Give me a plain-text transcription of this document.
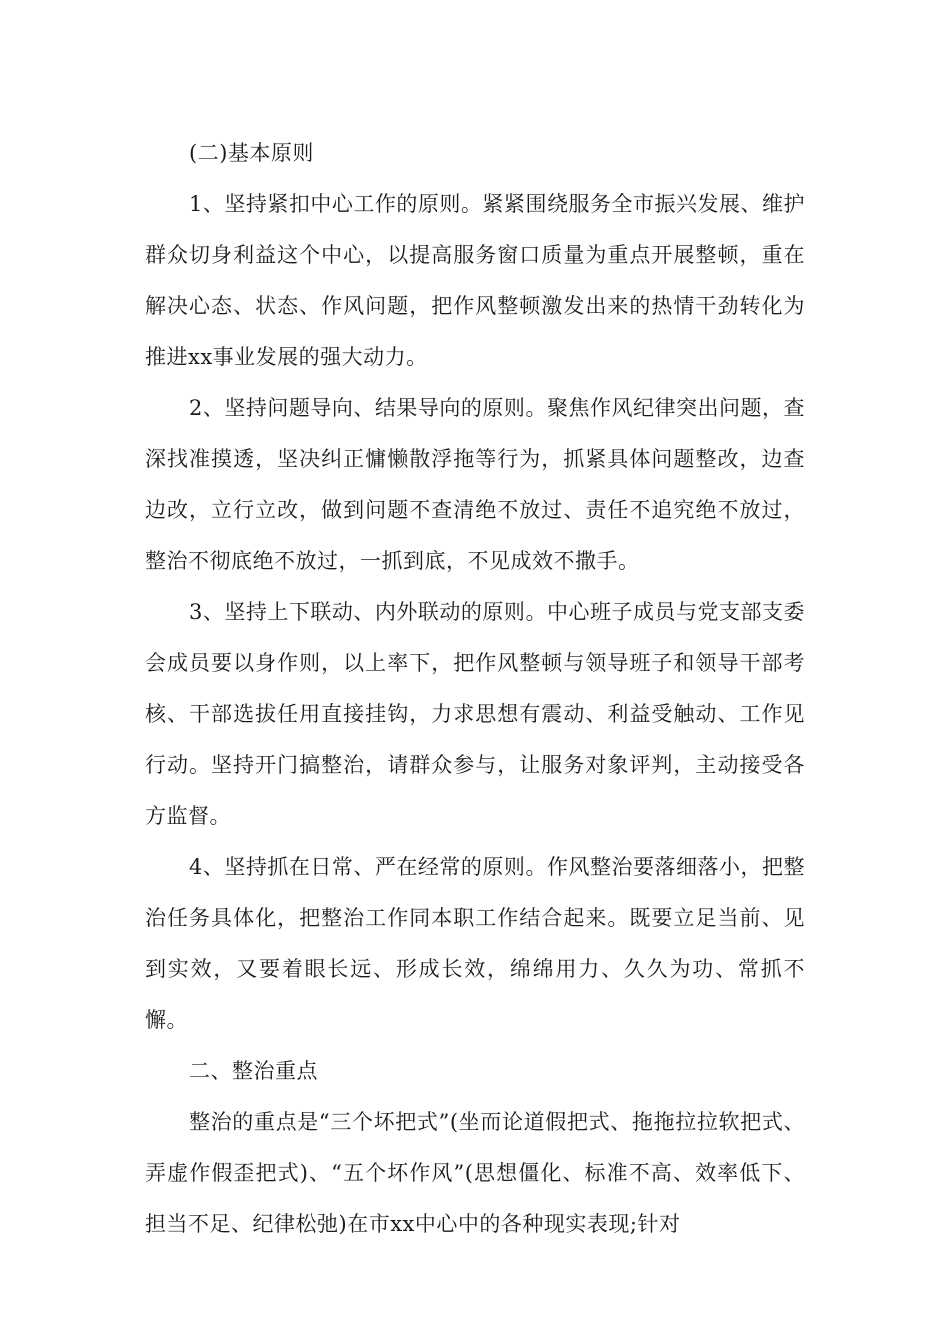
(二)基本原则

1、坚持紧扣中心工作的原则。紧紧围绕服务全市振兴发展、维护群众切身利益这个中心，以提高服务窗口质量为重点开展整顿，重在解决心态、状态、作风问题，把作风整顿激发出来的热情干劲转化为推进xx事业发展的强大动力。

2、坚持问题导向、结果导向的原则。聚焦作风纪律突出问题，查深找准摸透，坚决纠正慵懒散浮拖等行为，抓紧具体问题整改，边查边改，立行立改，做到问题不查清绝不放过、责任不追究绝不放过，整治不彻底绝不放过，一抓到底，不见成效不撒手。

3、坚持上下联动、内外联动的原则。中心班子成员与党支部支委会成员要以身作则，以上率下，把作风整顿与领导班子和领导干部考核、干部选拔任用直接挂钩，力求思想有震动、利益受触动、工作见行动。坚持开门搞整治，请群众参与，让服务对象评判，主动接受各方监督。

4、坚持抓在日常、严在经常的原则。作风整治要落细落小，把整治任务具体化，把整治工作同本职工作结合起来。既要立足当前、见到实效，又要着眼长远、形成长效，绵绵用力、久久为功、常抓不懈。

二、整治重点

整治的重点是“三个坏把式”(坐而论道假把式、拖拖拉拉软把式、弄虚作假歪把式)、“五个坏作风”(思想僵化、标准不高、效率低下、担当不足、纪律松弛)在市xx中心中的各种现实表现;针对
